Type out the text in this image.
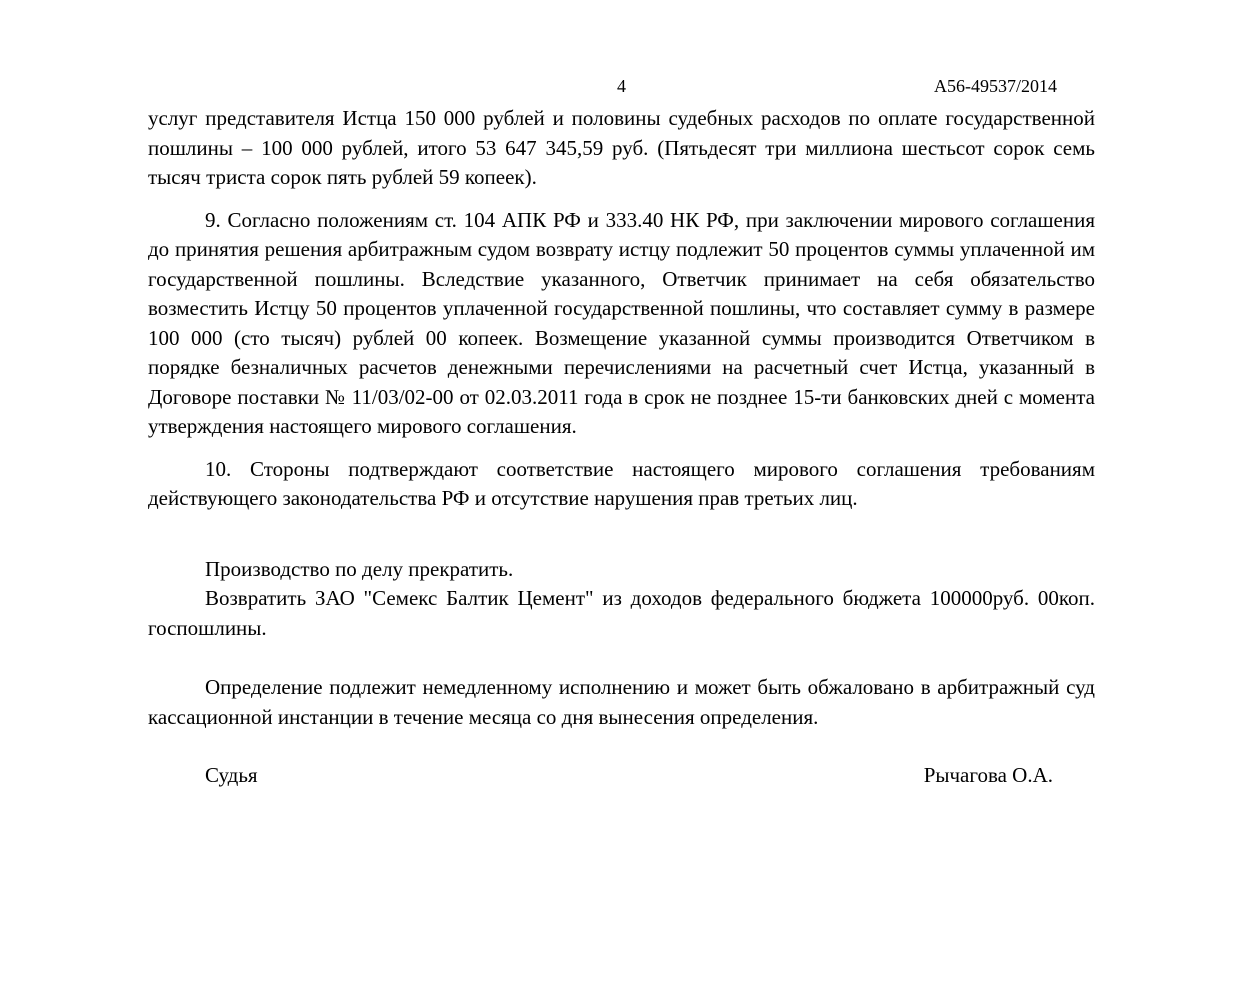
4	А56-49537/2014

услуг представителя Истца 150 000 рублей и половины судебных расходов по оплате государственной пошлины – 100 000 рублей, итого 53 647 345,59 руб. (Пятьдесят три миллиона шестьсот сорок семь тысяч триста сорок пять рублей 59 копеек).

9. Согласно положениям ст. 104 АПК РФ и 333.40 НК РФ, при заключении мирового соглашения до принятия решения арбитражным судом возврату истцу подлежит 50 процентов суммы уплаченной им государственной пошлины. Вследствие указанного, Ответчик принимает на себя обязательство возместить Истцу 50 процентов уплаченной государственной пошлины, что составляет сумму в размере 100 000 (сто тысяч) рублей 00 копеек. Возмещение указанной суммы производится Ответчиком в порядке безналичных расчетов денежными перечислениями на расчетный счет Истца, указанный в Договоре поставки № 11/03/02-00 от 02.03.2011 года в срок не позднее 15-ти банковских дней с момента утверждения настоящего мирового соглашения.

10. Стороны подтверждают соответствие настоящего мирового соглашения требованиям действующего законодательства РФ и отсутствие нарушения прав третьих лиц.

Производство по делу прекратить.

Возвратить ЗАО "Семекс Балтик Цемент" из доходов федерального бюджета 100000руб. 00коп. госпошлины.

Определение подлежит немедленному исполнению и может быть обжаловано в арбитражный суд кассационной инстанции в течение месяца со дня вынесения определения.

Судья	Рычагова О.А.
